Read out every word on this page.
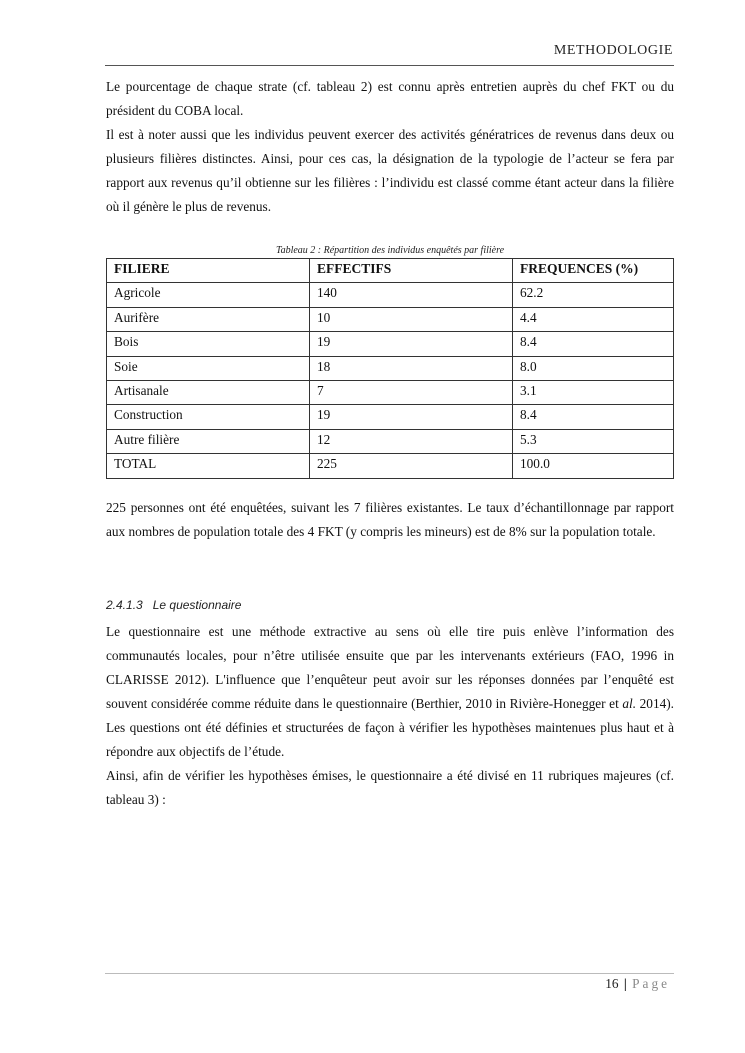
METHODOLOGIE

Le pourcentage de chaque strate (cf. tableau 2) est connu après entretien auprès du chef FKT ou du président du COBA local.

Il est à noter aussi que les individus peuvent exercer des activités génératrices de revenus dans deux ou plusieurs filières distinctes. Ainsi, pour ces cas, la désignation de la typologie de l’acteur se fera par rapport aux revenus qu’il obtienne sur les filières : l’individu est classé comme étant acteur dans la filière où il génère le plus de revenus.

Tableau 2 : Répartition des individus enquêtés par filière
FILIERE	EFFECTIFS	FREQUENCES (%)
Agricole	140	62.2
Aurifère	10	4.4
Bois	19	8.4
Soie	18	8.0
Artisanale	7	3.1
Construction	19	8.4
Autre filière	12	5.3
TOTAL	225	100.0

225 personnes ont été enquêtées, suivant les 7 filières existantes. Le taux d’échantillonnage par rapport aux nombres de population totale des 4 FKT (y compris les mineurs) est de 8% sur la population totale.

2.4.1.3 Le questionnaire

Le questionnaire est une méthode extractive au sens où elle tire puis enlève l’information des communautés locales, pour n’être utilisée ensuite que par les intervenants extérieurs (FAO, 1996 in CLARISSE 2012). L'influence que l’enquêteur peut avoir sur les réponses données par l’enquêté est souvent considérée comme réduite dans le questionnaire (Berthier, 2010 in Rivière-Honegger et al. 2014). Les questions ont été définies et structurées de façon à vérifier les hypothèses maintenues plus haut et à répondre aux objectifs de l’étude.

Ainsi, afin de vérifier les hypothèses émises, le questionnaire a été divisé en 11 rubriques majeures (cf. tableau 3) :

16 | Page
